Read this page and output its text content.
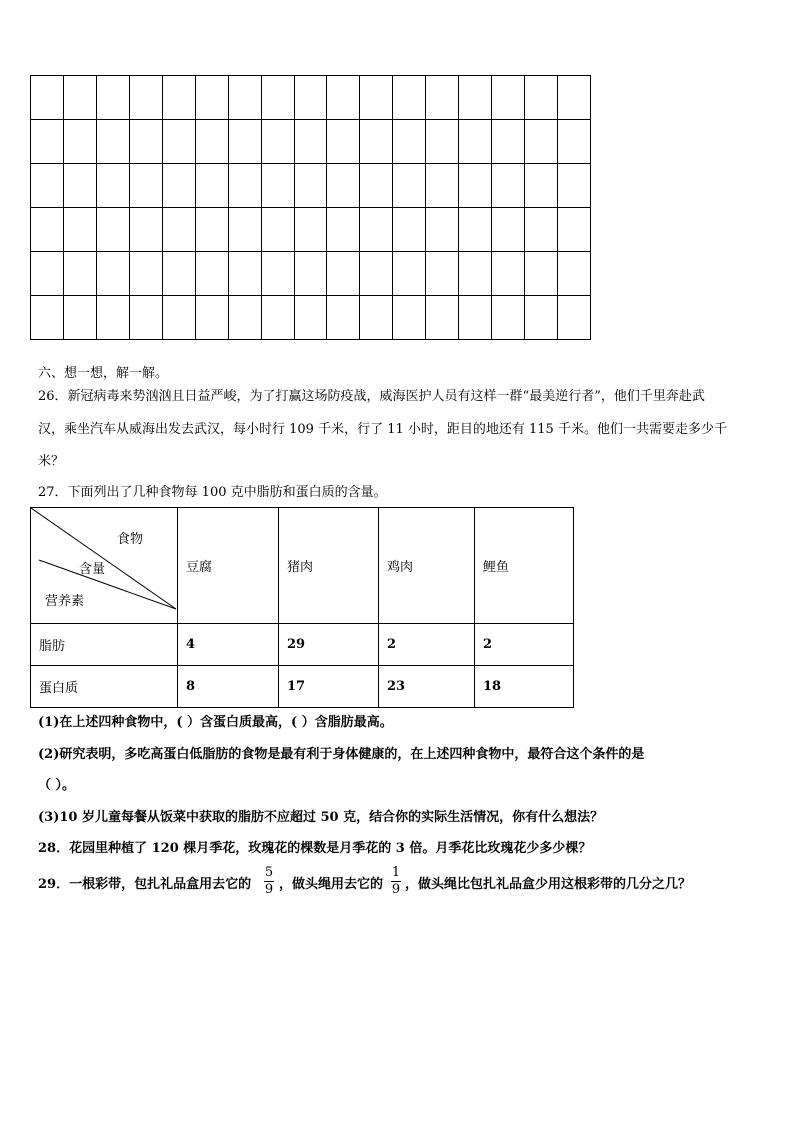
六、想一想，解一解。
26．新冠病毒来势汹汹且日益严峻，为了打赢这场防疫战，威海医护人员有这样一群“最美逆行者”，他们千里奔赴武
汉，乘坐汽车从威海出发去武汉，每小时行 109 千米，行了 11 小时，距目的地还有 115 千米。他们一共需要走多少千
米？
27．下面列出了几种食物每 100 克中脂肪和蛋白质的含量。
食物
含量
营养素	豆腐	猪肉	鸡肉	鲤鱼
脂肪	4	29	2	2
蛋白质	8	17	23	18
(1)在上述四种食物中，( ）含蛋白质最高，( ）含脂肪最高。
(2)研究表明，多吃高蛋白低脂肪的食物是最有利于身体健康的，在上述四种食物中，最符合这个条件的是
（ ）。
(3)10 岁儿童每餐从饭菜中获取的脂肪不应超过 50 克，结合你的实际生活情况，你有什么想法？
28．花园里种植了 120 棵月季花，玫瑰花的棵数是月季花的 3 倍。月季花比玫瑰花少多少棵？
29．一根彩带，包扎礼品盒用去它的
5
9 ，做头绳用去它的
1
9 ，做头绳比包扎礼品盒少用这根彩带的几分之几？
